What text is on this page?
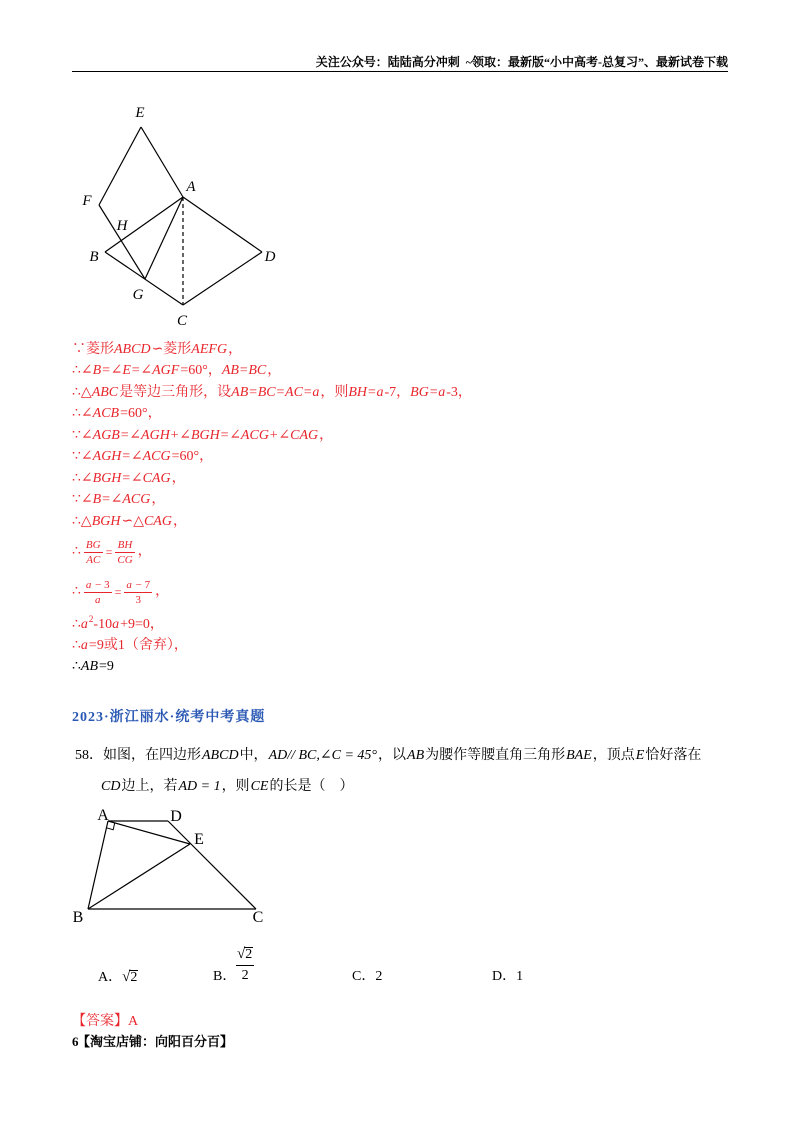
关注公众号：陆陆高分冲刺  ~领取：最新版“小中高考-总复习”、最新试卷下载
E
F
A
H
B	D
G
C
∵菱形 ABCD ∽菱形 AEFG ，
∴∠ B=∠E=∠AGF =60°， AB=BC ，
∴△ ABC 是等边三角形，设 AB=BC=AC=a ，则 BH=a -7， BG=a -3，
∴∠ ACB =60°，
∵∠ AGB=∠AGH+∠BGH=∠ACG+∠CAG ，
∵∠ AGH=∠ACG =60°，
∴∠ BGH=∠CAG ，
∵∠ B=∠ACG ，
∴△ BGH ∽△ CAG ，
∴ $\frac{BG}{AC} = \frac{BH}{CG}$ ，
∴ $\frac{a - 3}{a} = \frac{a - 7}{3}$ ，
∴ a 2 -10 a +9=0，
∴ a =9或1（舍弃），
∴ AB =9
2023·浙江丽水·统考中考真题
58．如图，在四边形 ABCD 中， AD// BC,∠C = 45° ，以 AB 为腰作等腰直角三角形 BAE ，顶点 E 恰好落在
CD 边上，若 AD = 1 ，则 CE 的长是（    ）
A	D
E
B	C
A． √ 2	B． $\frac{√ 2}{2}$	C． 2	D． 1
【答案】A
6
【淘宝店铺：向阳百分百】
